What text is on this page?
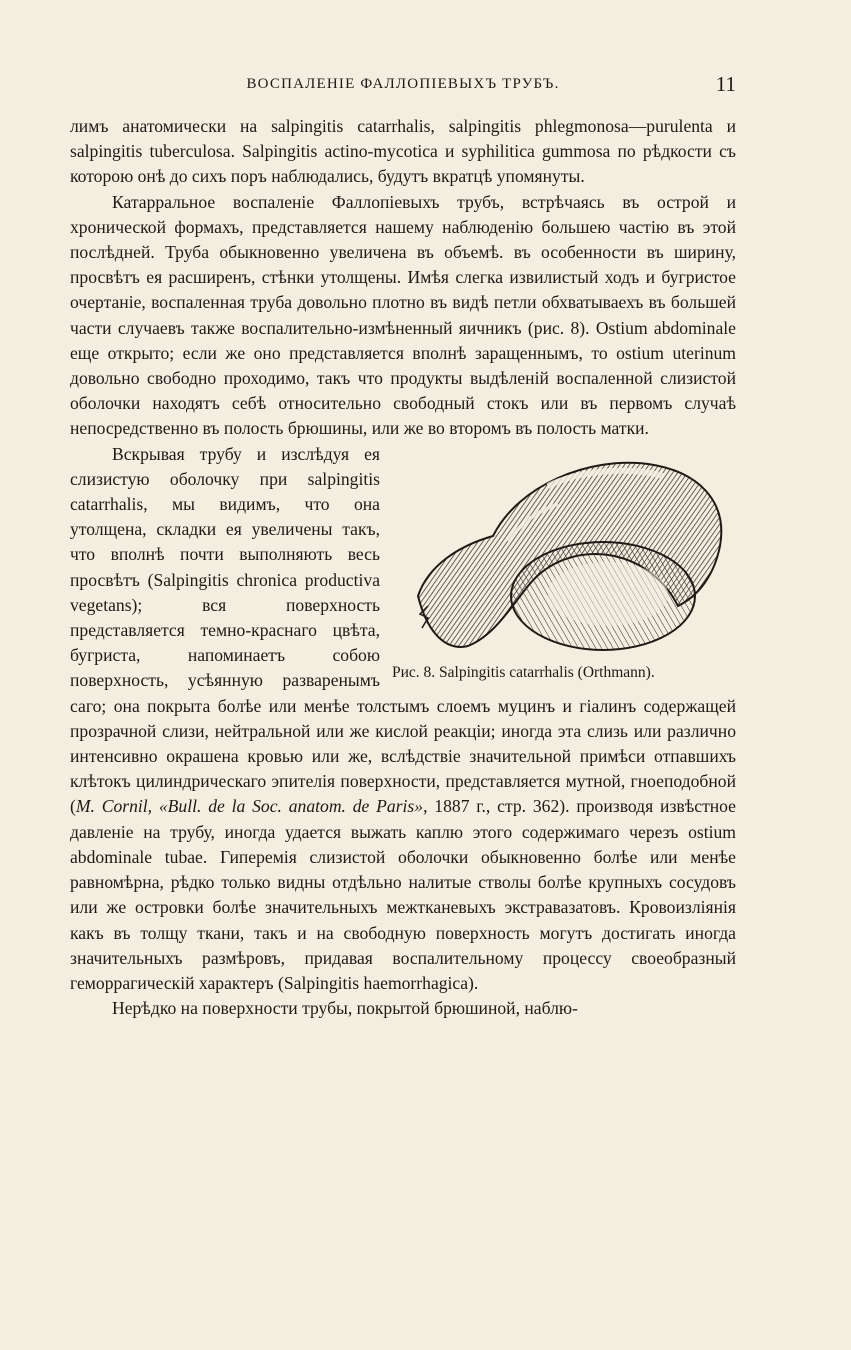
ВОСПАЛЕНІЕ ФАЛЛОПІЕВЫХЪ ТРУБЪ.	11

лимъ анатомически на salpingitis catarrhalis, salpingitis phlegmonosa—purulenta и salpingitis tuberculosa. Salpingitis actino-mycotica и syphilitica gummosa по рѣдкости съ которою онѣ до сихъ поръ наблюдались, будутъ вкратцѣ упомянуты.

Катарральное воспаленіе Фаллопіевыхъ трубъ, встрѣчаясь въ острой и хронической формахъ, представляется нашему наблюденію большею частію въ этой послѣдней. Труба обыкновенно увеличена въ объемѣ. въ особенности въ ширину, просвѣтъ ея расширенъ, стѣнки утолщены. Имѣя слегка извилистый ходъ и бугристое очертаніе, воспаленная труба довольно плотно въ видѣ петли обхватываехъ въ большей части случаевъ также воспалительно-измѣненный яичникъ (рис. 8). Ostium abdominale еще открыто; если же оно представляется вполнѣ заращеннымъ, то ostium uterinum довольно свободно проходимо, такъ что продукты выдѣленій воспаленной слизистой оболочки находятъ себѣ относительно свободный стокъ или въ первомъ случаѣ непосредственно въ полость брюшины, или же во второмъ въ полость матки.

Рис. 8. Salpingitis catarrhalis (Orthmann).

Вскрывая трубу и изслѣдуя ея слизистую оболочку при salpingitis catarrhalis, мы видимъ, что она утолщена, складки ея увеличены такъ, что вполнѣ почти выполняють весь просвѣтъ (Salpingitis chronica productiva vegetans); вся поверхность представляется темно-краснаго цвѣта, бугриста, напоминаетъ собою поверхность, усѣянную разваренымъ саго; она покрыта болѣе или менѣе толстымъ слоемъ муцинъ и гіалинъ содержащей прозрачной слизи, нейтральной или же кислой реакціи; иногда эта слизь или различно интенсивно окрашена кровью или же, вслѣдствіе значительной примѣси отпавшихъ клѣтокъ цилиндрическаго эпителія поверхности, представляется мутной, гноеподобной (M. Cornil, «Bull. de la Soc. anatom. de Paris», 1887 г., стр. 362). производя извѣстное давленіе на трубу, иногда удается выжать каплю этого содержимаго черезъ ostium abdominale tubae. Гиперемія слизистой оболочки обыкновенно болѣе или менѣе равномѣрна, рѣдко только видны отдѣльно налитые стволы болѣе крупныхъ сосудовъ или же островки болѣе значительныхъ межтканевыхъ экстравазатовъ. Кровоизліянія какъ въ толщу ткани, такъ и на свободную поверхность могутъ достигать иногда значительныхъ размѣровъ, придавая воспалительному процессу своеобразный геморрагическій характеръ (Salpingitis haemorrhagica).

Нерѣдко на поверхности трубы, покрытой брюшиной, наблю-
